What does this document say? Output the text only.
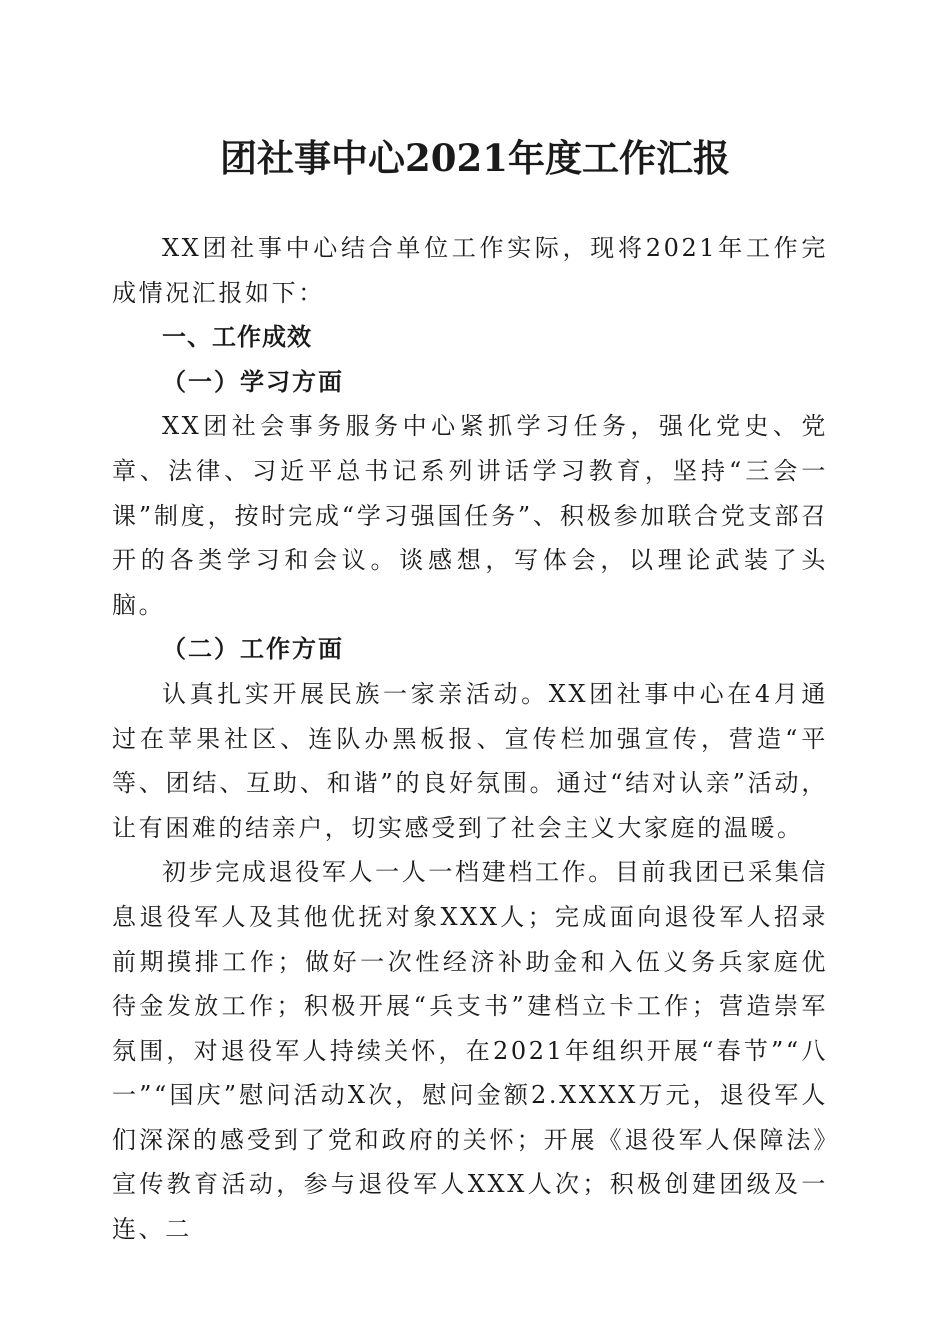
团社事中心2021年度工作汇报

XX团社事中心结合单位工作实际，现将2021年工作完成情况汇报如下：

一、工作成效

（一）学习方面

XX团社会事务服务中心紧抓学习任务，强化党史、党章、法律、习近平总书记系列讲话学习教育，坚持“三会一课”制度，按时完成“学习强国任务”、积极参加联合党支部召开的各类学习和会议。谈感想，写体会，以理论武装了头脑。

（二）工作方面

认真扎实开展民族一家亲活动。XX团社事中心在4月通过在苹果社区、连队办黑板报、宣传栏加强宣传，营造“平等、团结、互助、和谐”的良好氛围。通过“结对认亲”活动，让有困难的结亲户，切实感受到了社会主义大家庭的温暖。

初步完成退役军人一人一档建档工作。目前我团已采集信息退役军人及其他优抚对象XXX人；完成面向退役军人招录前期摸排工作；做好一次性经济补助金和入伍义务兵家庭优待金发放工作；积极开展“兵支书”建档立卡工作；营造崇军氛围，对退役军人持续关怀，在2021年组织开展“春节”“八一”“国庆”慰问活动X次，慰问金额2.XXXX万元，退役军人们深深的感受到了党和政府的关怀；开展《退役军人保障法》宣传教育活动，参与退役军人XXX人次；积极创建团级及一连、二
